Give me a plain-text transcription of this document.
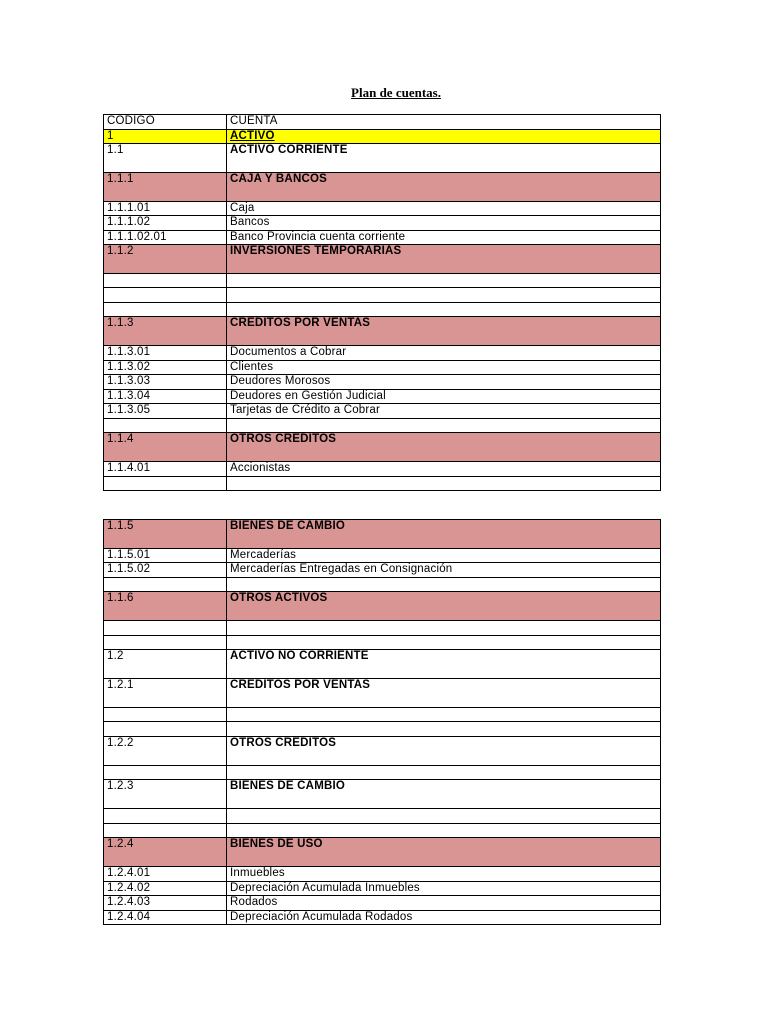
Plan de cuentas.
CODIGO	CUENTA
1	ACTIVO
1.1	ACTIVO CORRIENTE
1.1.1	CAJA Y BANCOS
1.1.1.01	Caja
1.1.1.02	Bancos
1.1.1.02.01	Banco Provincia cuenta corriente
1.1.2	INVERSIONES TEMPORARIAS

1.1.3	CREDITOS POR VENTAS
1.1.3.01	Documentos a Cobrar
1.1.3.02	Clientes
1.1.3.03	Deudores Morosos
1.1.3.04	Deudores en Gestión Judicial
1.1.3.05	Tarjetas de Crédito a Cobrar

1.1.4	OTROS CREDITOS
1.1.4.01	Accionistas

1.1.5	BIENES DE CAMBIO
1.1.5.01	Mercaderías
1.1.5.02	Mercaderías Entregadas en Consignación

1.1.6	OTROS ACTIVOS

1.2	ACTIVO NO CORRIENTE
1.2.1	CREDITOS POR VENTAS

1.2.2	OTROS CREDITOS

1.2.3	BIENES DE CAMBIO

1.2.4	BIENES DE USO
1.2.4.01	Inmuebles
1.2.4.02	Depreciación Acumulada Inmuebles
1.2.4.03	Rodados
1.2.4.04	Depreciación Acumulada Rodados
